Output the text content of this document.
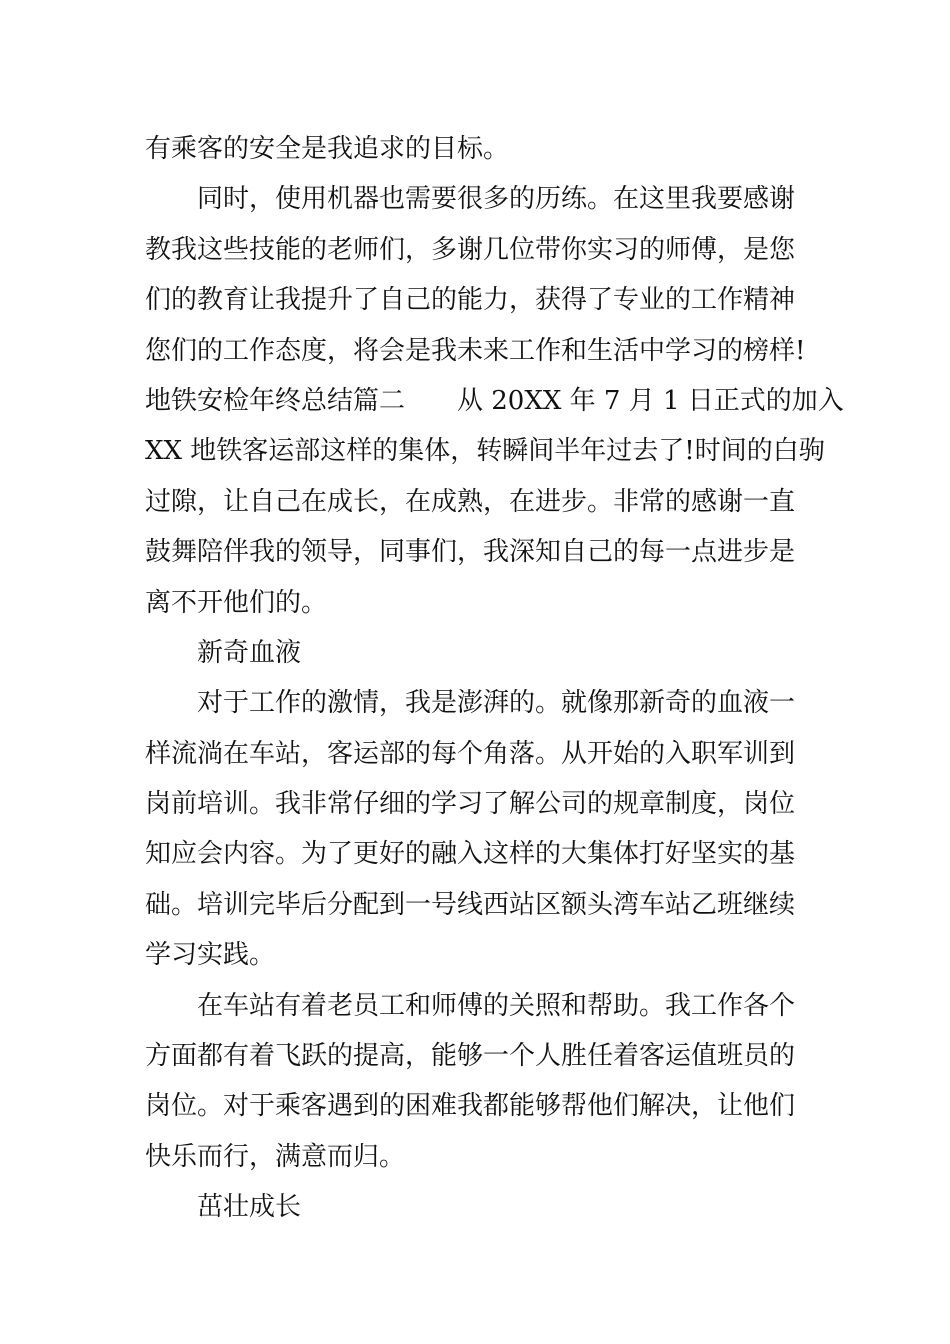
有乘客的安全是我追求的目标。
同时，使用机器也需要很多的历练。在这里我要感谢
教我这些技能的老师们，多谢几位带你实习的师傅，是您
们的教育让我提升了自己的能力，获得了专业的工作精神
您们的工作态度，将会是我未来工作和生活中学习的榜样!
地铁安检年终总结篇二　　从 20XX 年 7 月 1 日正式的加入
XX 地铁客运部这样的集体，转瞬间半年过去了!时间的白驹
过隙，让自己在成长，在成熟，在进步。非常的感谢一直
鼓舞陪伴我的领导，同事们，我深知自己的每一点进步是
离不开他们的。
新奇血液
对于工作的激情，我是澎湃的。就像那新奇的血液一
样流淌在车站，客运部的每个角落。从开始的入职军训到
岗前培训。我非常仔细的学习了解公司的规章制度，岗位
知应会内容。为了更好的融入这样的大集体打好坚实的基
础。培训完毕后分配到一号线西站区额头湾车站乙班继续
学习实践。
在车站有着老员工和师傅的关照和帮助。我工作各个
方面都有着飞跃的提高，能够一个人胜任着客运值班员的
岗位。对于乘客遇到的困难我都能够帮他们解决，让他们
快乐而行，满意而归。
茁壮成长
